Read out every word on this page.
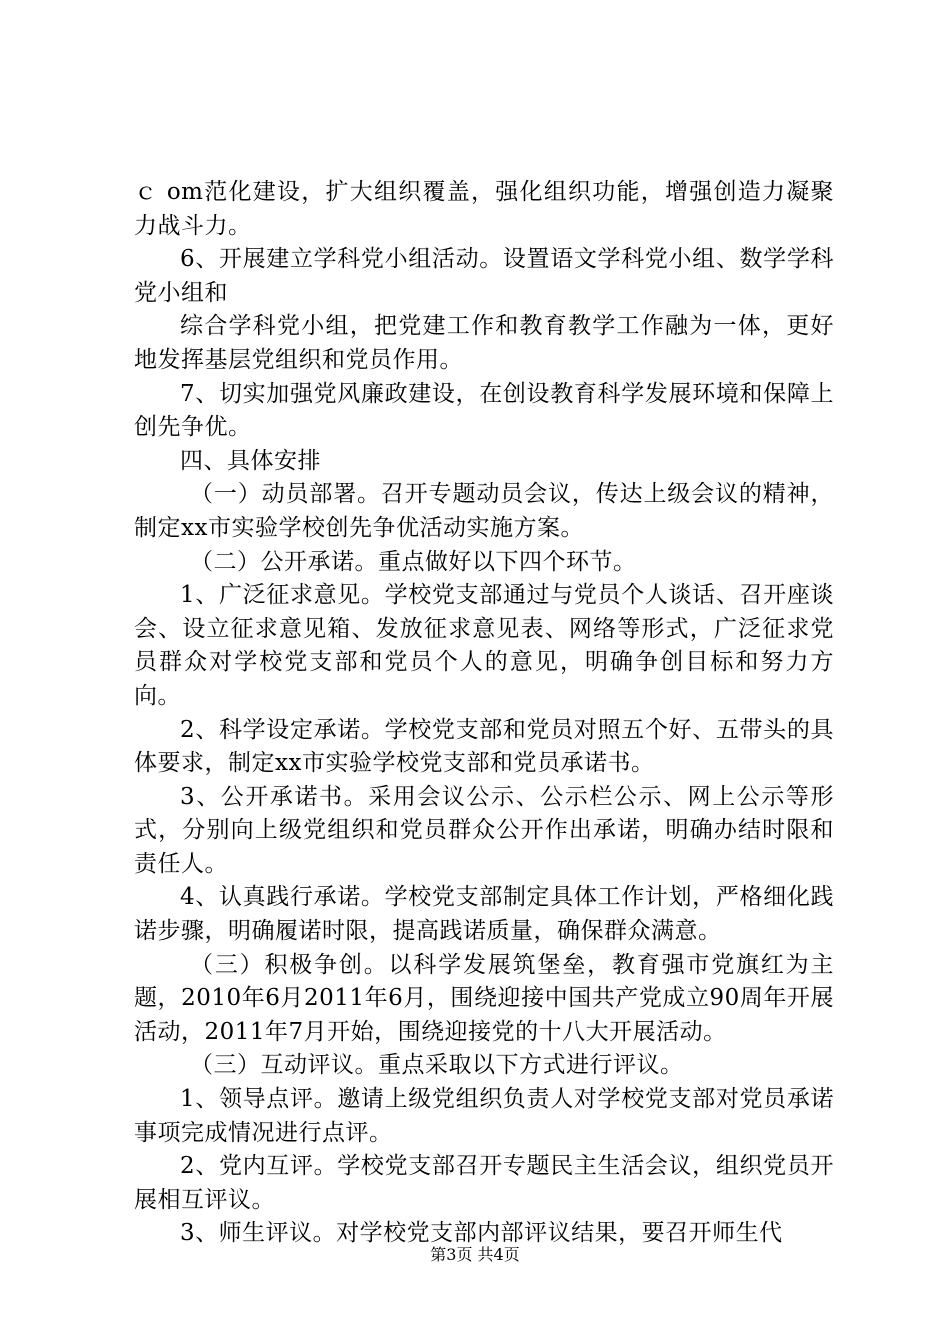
ｃ om范化建设，扩大组织覆盖，强化组织功能，增强创造力凝聚力战斗力。

6、开展建立学科党小组活动。设置语文学科党小组、数学学科党小组和

综合学科党小组，把党建工作和教育教学工作融为一体，更好地发挥基层党组织和党员作用。

7、切实加强党风廉政建设，在创设教育科学发展环境和保障上创先争优。

四、具体安排

（一）动员部署。召开专题动员会议，传达上级会议的精神，制定xx市实验学校创先争优活动实施方案。

（二）公开承诺。重点做好以下四个环节。

1、广泛征求意见。学校党支部通过与党员个人谈话、召开座谈会、设立征求意见箱、发放征求意见表、网络等形式，广泛征求党员群众对学校党支部和党员个人的意见，明确争创目标和努力方向。

2、科学设定承诺。学校党支部和党员对照五个好、五带头的具体要求，制定xx市实验学校党支部和党员承诺书。

3、公开承诺书。采用会议公示、公示栏公示、网上公示等形式，分别向上级党组织和党员群众公开作出承诺，明确办结时限和责任人。

4、认真践行承诺。学校党支部制定具体工作计划，严格细化践诺步骤，明确履诺时限，提高践诺质量，确保群众满意。

（三）积极争创。以科学发展筑堡垒，教育强市党旗红为主题，2010年6月2011年6月，围绕迎接中国共产党成立90周年开展活动，2011年7月开始，围绕迎接党的十八大开展活动。

（三）互动评议。重点采取以下方式进行评议。

1、领导点评。邀请上级党组织负责人对学校党支部对党员承诺事项完成情况进行点评。

2、党内互评。学校党支部召开专题民主生活会议，组织党员开展相互评议。

3、师生评议。对学校党支部内部评议结果，要召开师生代

第3页 共4页
